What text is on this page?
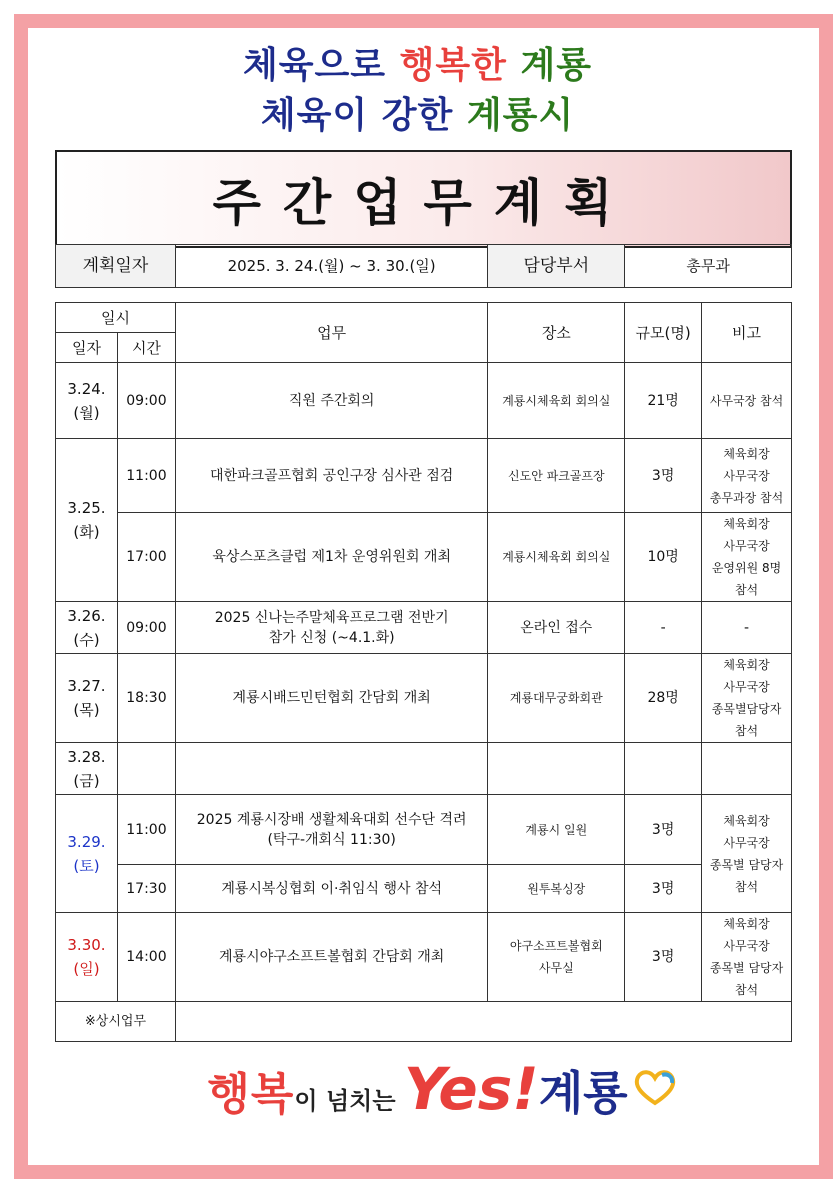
체육으로 행복한 계룡
체육이 강한 계룡시
주간업무계획
계획일자	2025. 3. 24.(월) ~ 3. 30.(일)	담당부서	총무과
일시		업무	장소	규모(명)	비고
일자	시간				
3.24.
(월)	09:00	직원 주간회의	계룡시체육회 회의실	21명	사무국장 참석
3.25.
(화)	11:00	대한파크골프협회 공인구장 심사관 점검	신도안 파크골프장	3명	체육회장
사무국장
총무과장 참석
	17:00	육상스포츠클럽 제1차 운영위원회 개최	계룡시체육회 회의실	10명	체육회장
사무국장
운영위원 8명
참석
3.26.
(수)	09:00	2025 신나는주말체육프로그램 전반기
참가 신청 (~4.1.화)	온라인 접수	-	-
3.27.
(목)	18:30	계룡시배드민턴협회 간담회 개최	계룡대무궁화회관	28명	체육회장
사무국장
종목별담당자
참석
3.28.
(금)					
3.29.
(토)	11:00	2025 계룡시장배 생활체육대회 선수단 격려
(탁구-개회식 11:30)	계룡시 일원	3명	체육회장
사무국장
종목별 담당자
참석
	17:30	계룡시복싱협회 이·취임식 행사 참석	원투복싱장	3명	
3.30.
(일)	14:00	계룡시야구소프트볼협회 간담회 개최	야구소프트볼협회
사무실	3명	체육회장
사무국장
종목별 담당자
참석
※상시업무					
행복이 넘치는 Yes!계룡
